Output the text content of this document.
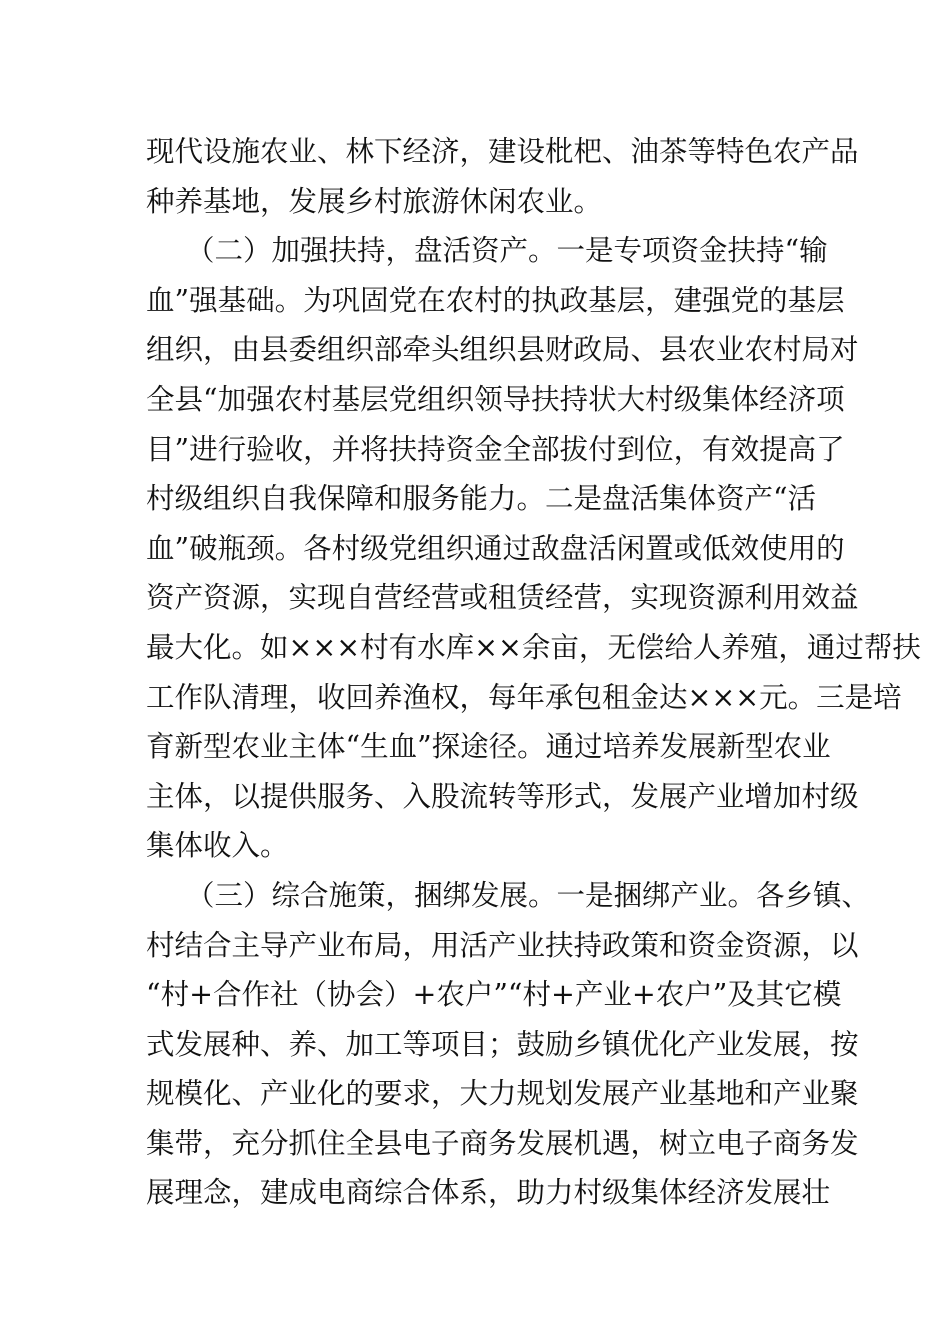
现代设施农业、林下经济，建设枇杷、油茶等特色农产品
种养基地，发展乡村旅游休闲农业。
（二）加强扶持，盘活资产。一是专项资金扶持“输
血”强基础。为巩固党在农村的执政基层，建强党的基层
组织，由县委组织部牵头组织县财政局、县农业农村局对
全县“加强农村基层党组织领导扶持状大村级集体经济项
目”进行验收，并将扶持资金全部拔付到位，有效提高了
村级组织自我保障和服务能力。二是盘活集体资产“活
血”破瓶颈。各村级党组织通过敌盘活闲置或低效使用的
资产资源，实现自营经营或租赁经营，实现资源利用效益
最大化。如×××村有水库××余亩，无偿给人养殖，通过帮扶
工作队清理，收回养渔权，每年承包租金达×××元。三是培
育新型农业主体“生血”探途径。通过培养发展新型农业
主体，以提供服务、入股流转等形式，发展产业增加村级
集体收入。
（三）综合施策，捆绑发展。一是捆绑产业。各乡镇、
村结合主导产业布局，用活产业扶持政策和资金资源，以
“村+合作社（协会）+农户”“村+产业+农户”及其它模
式发展种、养、加工等项目；鼓励乡镇优化产业发展，按
规模化、产业化的要求，大力规划发展产业基地和产业聚
集带，充分抓住全县电子商务发展机遇，树立电子商务发
展理念，建成电商综合体系，助力村级集体经济发展壮
